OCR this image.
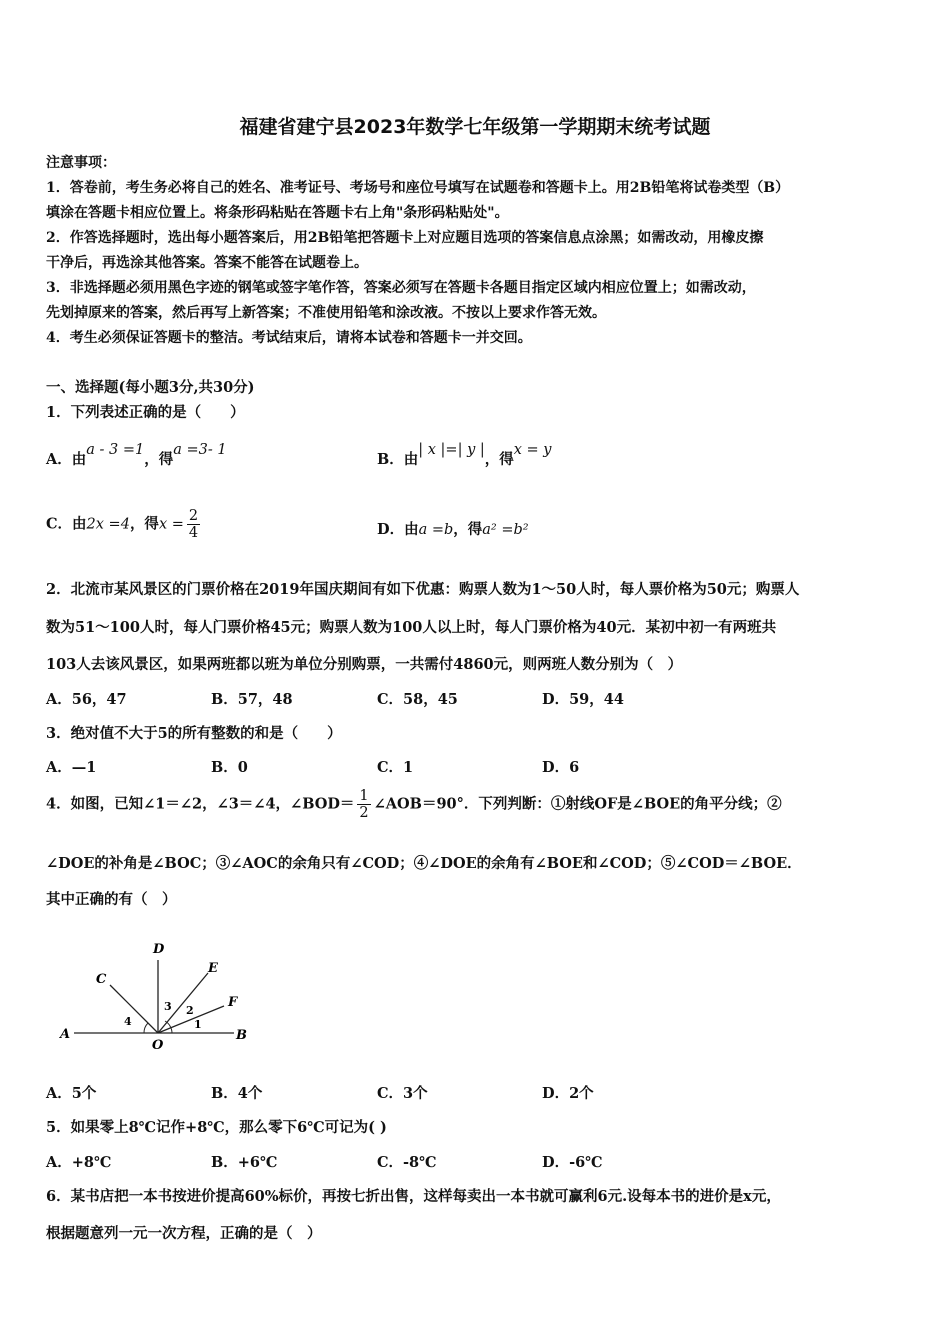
福建省建宁县2023年数学七年级第一学期期末统考试题
注意事项：
1．答卷前，考生务必将自己的姓名、准考证号、考场号和座位号填写在试题卷和答题卡上。用2B铅笔将试卷类型（B）
填涂在答题卡相应位置上。将条形码粘贴在答题卡右上角"条形码粘贴处"。
2．作答选择题时，选出每小题答案后，用2B铅笔把答题卡上对应题目选项的答案信息点涂黑；如需改动，用橡皮擦
干净后，再选涂其他答案。答案不能答在试题卷上。
3．非选择题必须用黑色字迹的钢笔或签字笔作答，答案必须写在答题卡各题目指定区域内相应位置上；如需改动，
先划掉原来的答案，然后再写上新答案；不准使用铅笔和涂改液。不按以上要求作答无效。
4．考生必须保证答题卡的整洁。考试结束后，请将本试卷和答题卡一并交回。
一、选择题(每小题3分,共30分)
1．下列表述正确的是（　　）
A．由a - 3 =1，得a =3- 1
B．由| x |=| y |，得x = y
C．由2x =4，得$x = \frac{2}{4}$	D．由a =b，得a² =b²
2．北流市某风景区的门票价格在2019年国庆期间有如下优惠：购票人数为1～50人时，每人票价格为50元；购票人
数为51～100人时，每人门票价格45元；购票人数为100人以上时，每人门票价格为40元．某初中初一有两班共
103人去该风景区，如果两班都以班为单位分别购票，一共需付4860元，则两班人数分别为（　）
A．56，47	B．57，48	C．58，45	D．59，44
3．绝对值不大于5的所有整数的和是（　　）
A．—1	B．0	C．1	D．6
4．如图，已知∠1＝∠2，∠3＝∠4，∠BOD＝ $\frac{1}{2}$ ∠AOB＝90°．下列判断：①射线OF是∠BOE的角平分线；②
∠DOE的补角是∠BOC；③∠AOC的余角只有∠COD；④∠DOE的余角有∠BOE和∠COD；⑤∠COD＝∠BOE．
其中正确的有（　）
A	B
C
D
E
F
O
1
2
3
4
A．5个	B．4个	C．3个	D．2个
5．如果零上8℃记作+8℃，那么零下6℃可记为( )
A．+8℃	B．+6℃	C．-8℃	D．-6℃
6．某书店把一本书按进价提高60%标价，再按七折出售，这样每卖出一本书就可赢利6元.设每本书的进价是x元，
根据题意列一元一次方程，正确的是（　）
